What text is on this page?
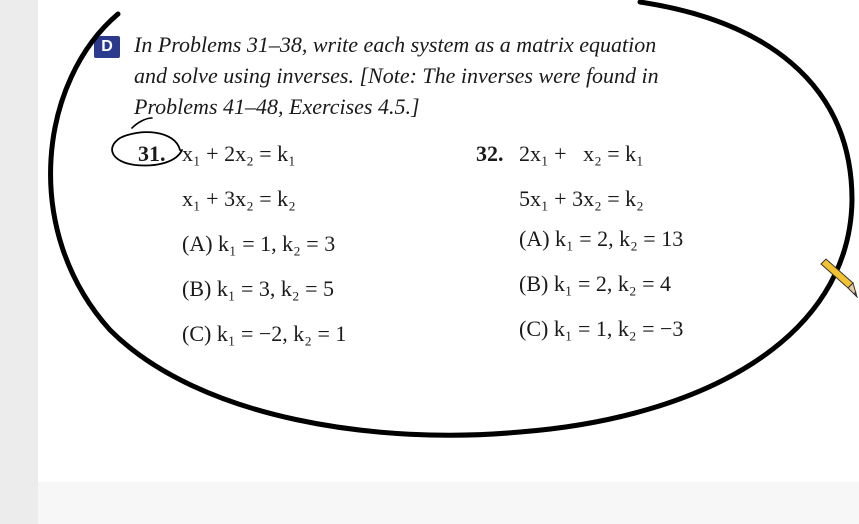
D In Problems 31–38, write each system as a matrix equation
and solve using inverses. [Note: The inverses were found in
Problems 41–48, Exercises 4.5.]
31. x₁ + 2x₂ = k₁
x₁ + 3x₂ = k₂
(A) k₁ = 1, k₂ = 3
(B) k₁ = 3, k₂ = 5
(C) k₁ = −2, k₂ = 1
32. 2x₁ +   x₂ = k₁
5x₁ + 3x₂ = k₂
(A) k₁ = 2, k₂ = 13
(B) k₁ = 2, k₂ = 4
(C) k₁ = 1, k₂ = −3
